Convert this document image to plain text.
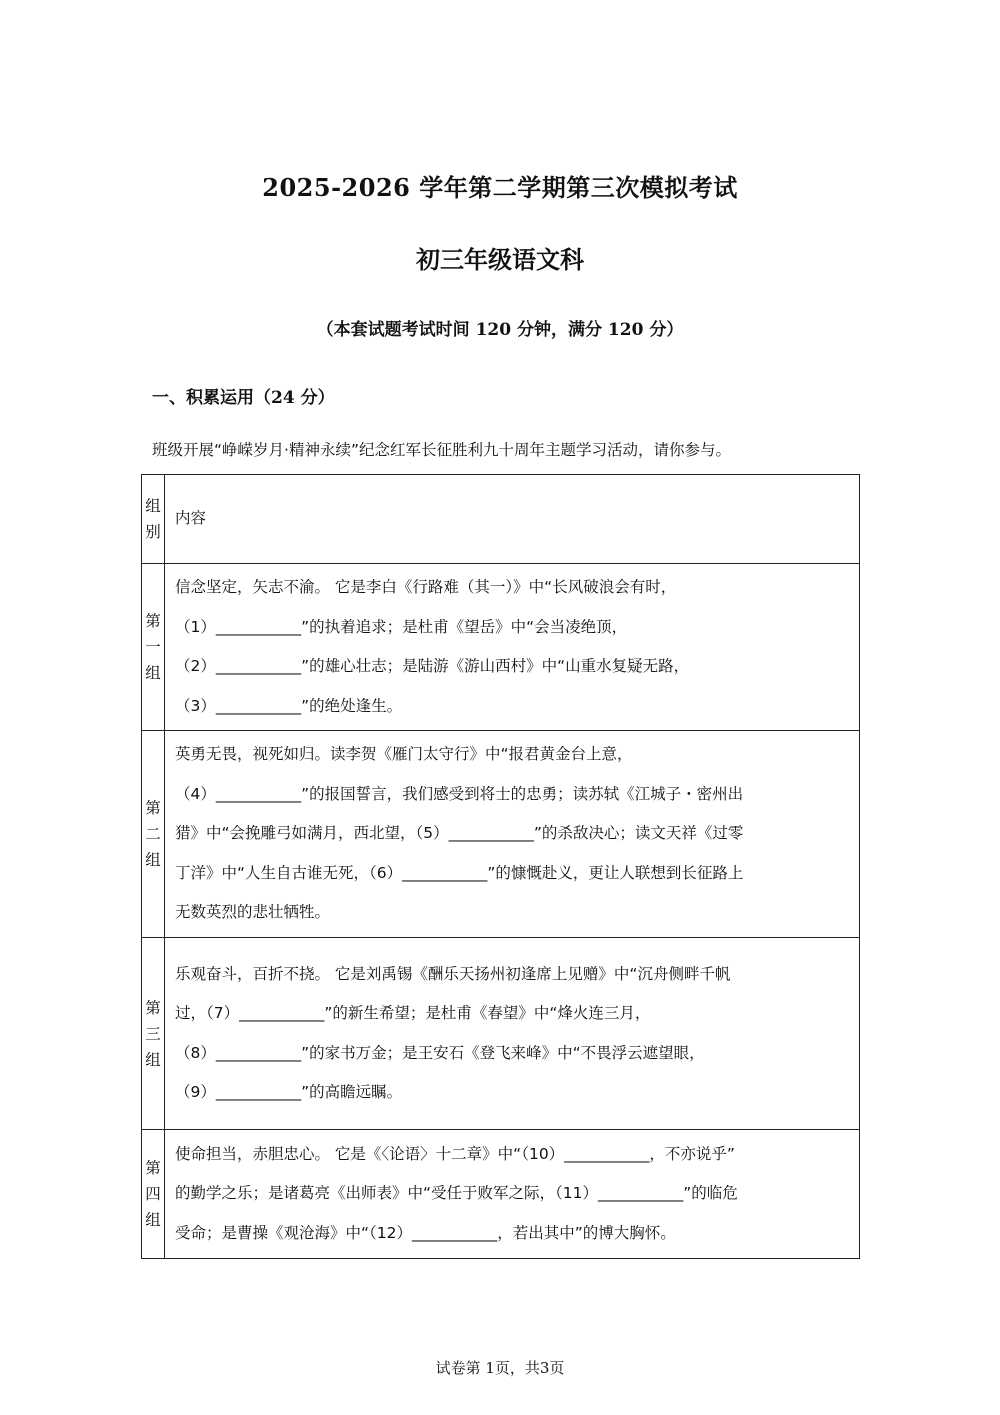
2025-2026 学年第二学期第三次模拟考试
初三年级语文科
（本套试题考试时间 120 分钟，满分 120 分）
一、积累运用（24 分）
班级开展“峥嵘岁月·精神永续”纪念红军长征胜利九十周年主题学习活动，请你参与。
组别	内容
第一组	信念坚定，矢志不渝。 它是李白《行路难（其一）》中“长风破浪会有时，
（1）___________”的执着追求；是杜甫《望岳》中“会当凌绝顶，
（2）___________”的雄心壮志；是陆游《游山西村》中“山重水复疑无路，
（3）___________”的绝处逢生。

第二组	英勇无畏，视死如归。读李贺《雁门太守行》中“报君黄金台上意，
（4）___________”的报国誓言，我们感受到将士的忠勇；读苏轼《江城子・密州出
猎》中“会挽雕弓如满月，西北望，（5）___________”的杀敌决心；读文天祥《过零
丁洋》中“人生自古谁无死，（6）___________”的慷慨赴义，更让人联想到长征路上
无数英烈的悲壮牺牲。

第三组	乐观奋斗，百折不挠。 它是刘禹锡《酬乐天扬州初逢席上见赠》中“沉舟侧畔千帆
过，（7）___________”的新生希望；是杜甫《春望》中“烽火连三月，
（8）___________”的家书万金；是王安石《登飞来峰》中“不畏浮云遮望眼，
（9）___________”的高瞻远瞩。

第四组	使命担当，赤胆忠心。 它是《〈论语〉十二章》中“（10）___________，不亦说乎”
的勤学之乐；是诸葛亮《出师表》中“受任于败军之际，（11）___________”的临危
受命；是曹操《观沧海》中“（12）___________，若出其中”的博大胸怀。
试卷第 1页，共3页
